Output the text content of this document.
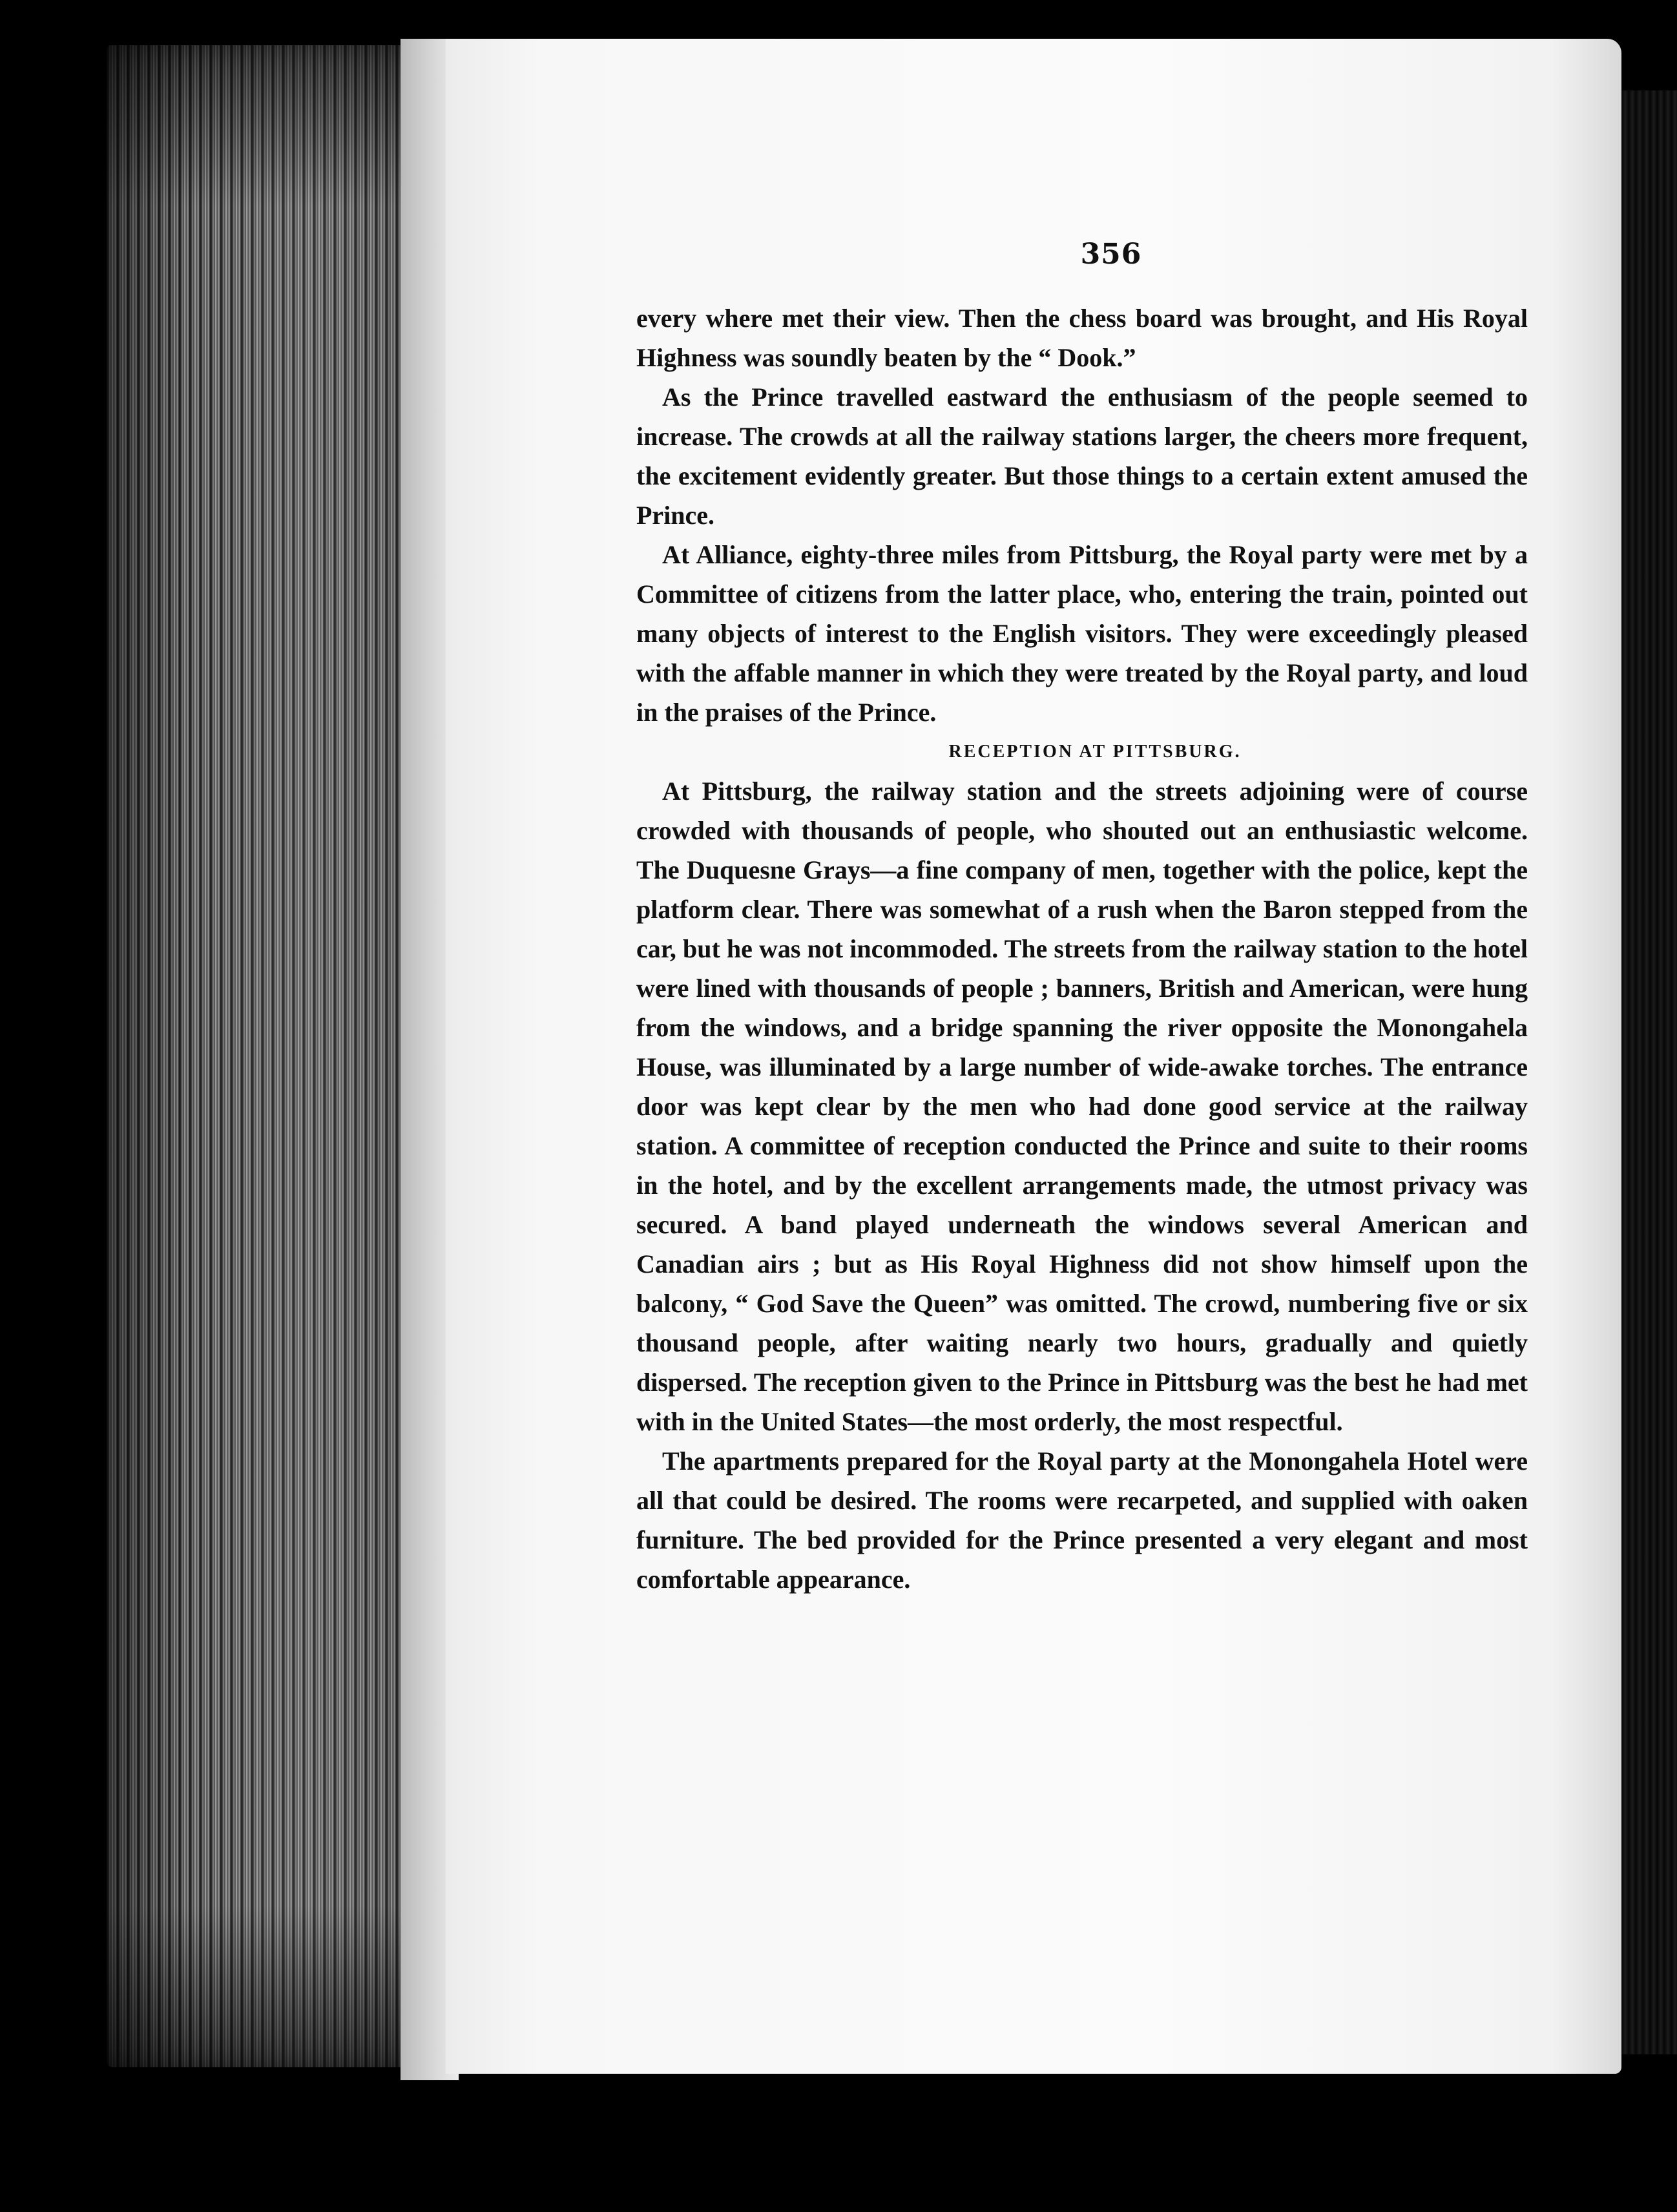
356

every where met their view. Then the chess board was brought, and His Royal Highness was soundly beaten by the “ Dook.”

As the Prince travelled eastward the enthusiasm of the people seemed to increase. The crowds at all the railway stations larger, the cheers more frequent, the excitement evidently greater. But those things to a certain extent amused the Prince.

At Alliance, eighty-three miles from Pittsburg, the Royal party were met by a Committee of citizens from the latter place, who, entering the train, pointed out many objects of interest to the English visitors. They were exceedingly pleased with the affable manner in which they were treated by the Royal party, and loud in the praises of the Prince.

RECEPTION AT PITTSBURG.

At Pittsburg, the railway station and the streets adjoining were of course crowded with thousands of people, who shouted out an enthusiastic welcome. The Duquesne Grays—a fine company of men, together with the police, kept the platform clear. There was somewhat of a rush when the Baron stepped from the car, but he was not incommoded. The streets from the railway station to the hotel were lined with thousands of people ; banners, British and American, were hung from the windows, and a bridge spanning the river opposite the Monongahela House, was illuminated by a large number of wide-awake torches. The entrance door was kept clear by the men who had done good service at the railway station. A committee of reception conducted the Prince and suite to their rooms in the hotel, and by the excellent arrangements made, the utmost privacy was secured. A band played underneath the windows several American and Canadian airs ; but as His Royal Highness did not show himself upon the balcony, “ God Save the Queen” was omitted. The crowd, numbering five or six thousand people, after waiting nearly two hours, gradually and quietly dispersed. The reception given to the Prince in Pittsburg was the best he had met with in the United States—the most orderly, the most respectful.

The apartments prepared for the Royal party at the Monongahela Hotel were all that could be desired. The rooms were recarpeted, and supplied with oaken furniture. The bed provided for the Prince presented a very elegant and most comfortable appearance.
